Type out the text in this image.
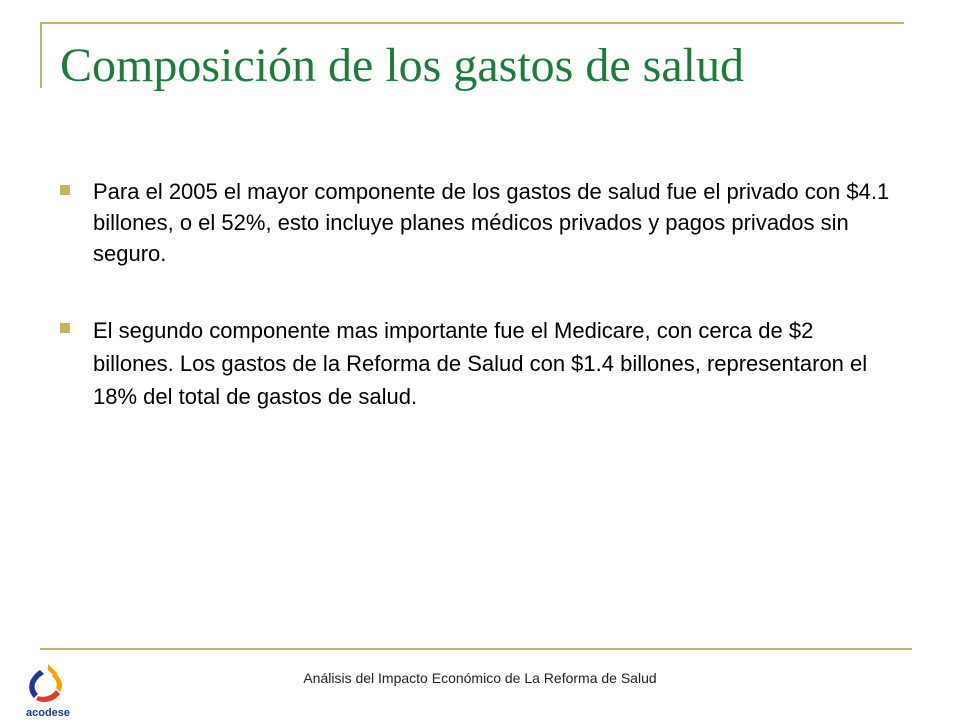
Composición de los gastos de salud
Para el 2005 el mayor componente de los gastos de salud fue el privado con $4.1 billones, o el 52%, esto incluye planes médicos privados y pagos privados sin seguro.
El segundo componente mas importante fue el Medicare, con cerca de $2 billones. Los gastos de la Reforma de Salud con $1.4 billones, representaron el 18% del total de gastos de salud.
Análisis del Impacto Económico de La Reforma de Salud
acodese
